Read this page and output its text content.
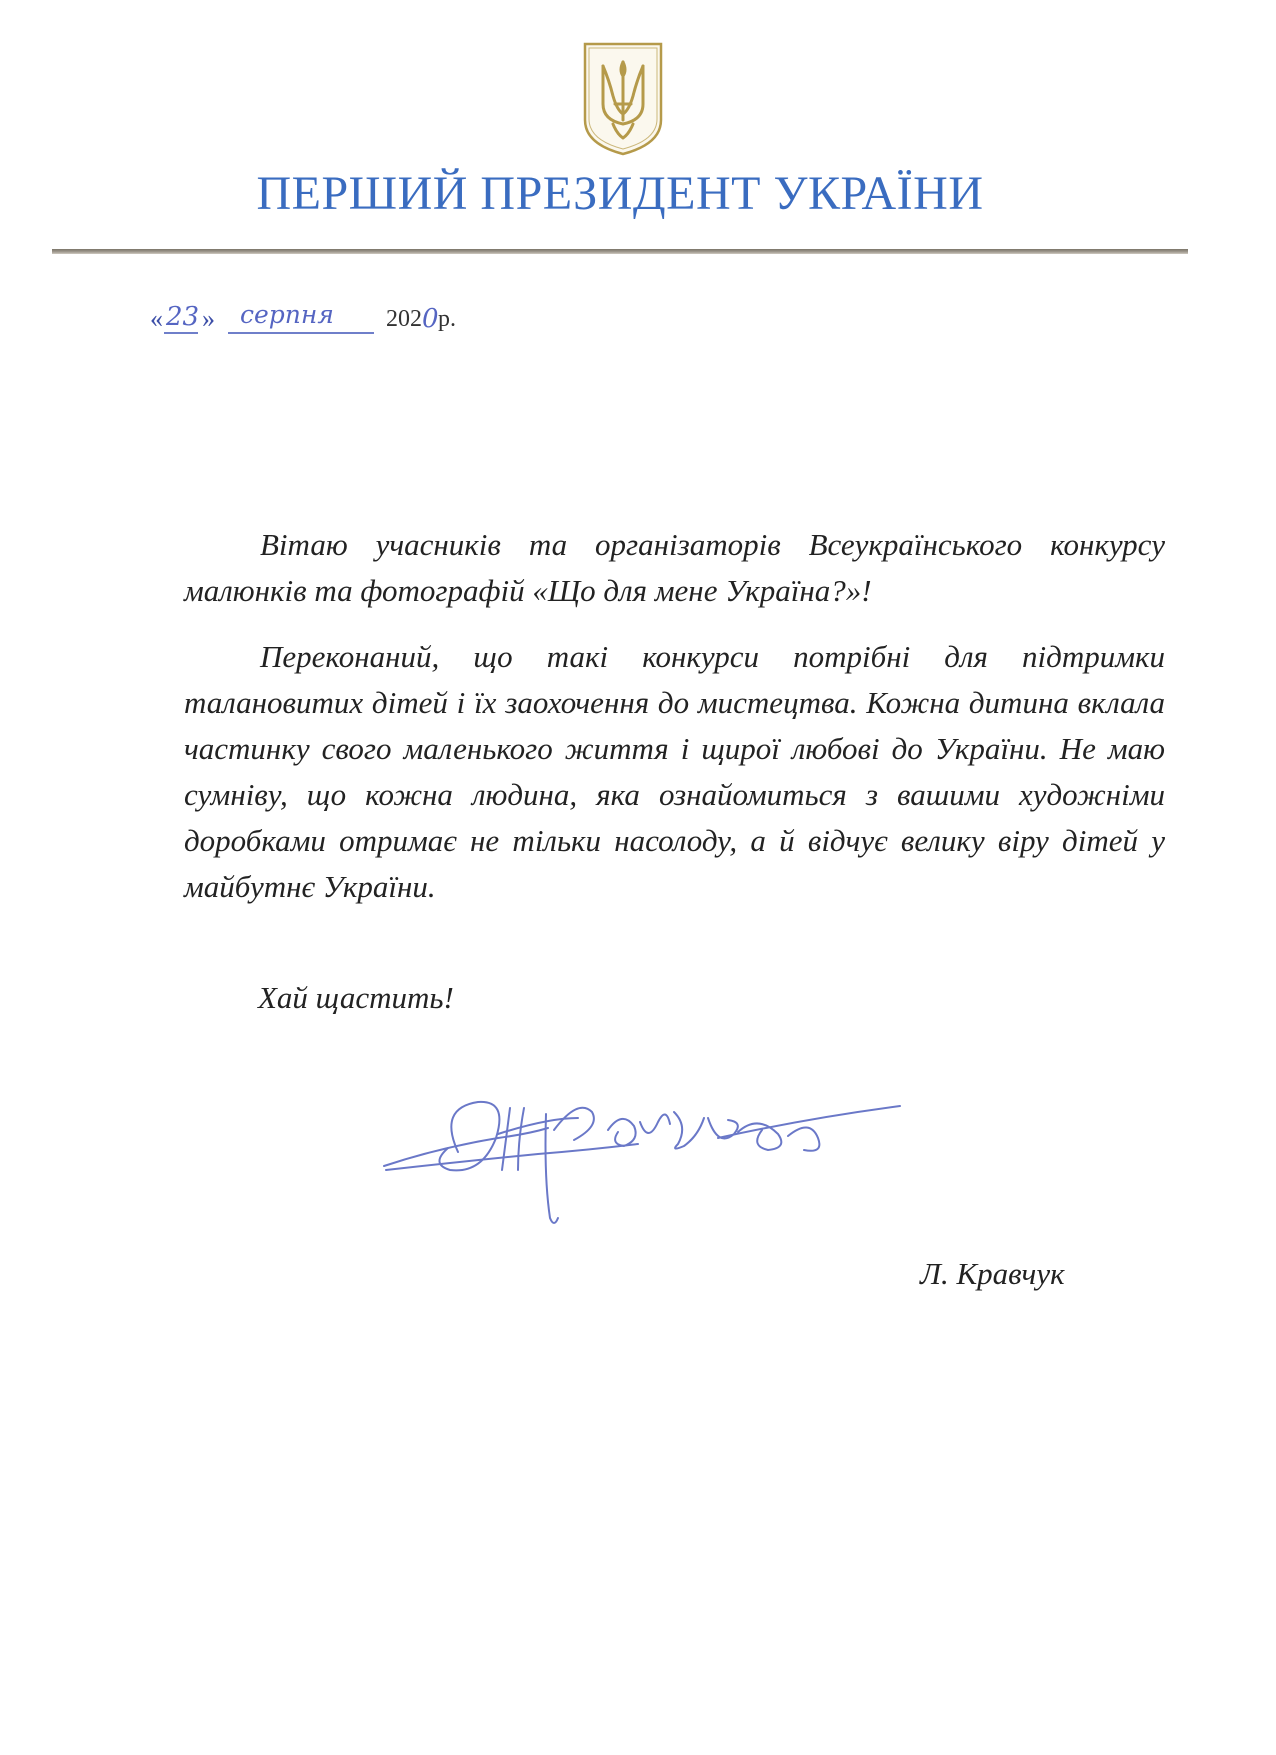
ПЕРШИЙ ПРЕЗИДЕНТ УКРАЇНИ
« 23 » серпня 202 0 р.

Вітаю учасників та організаторів Всеукраїнського конкурсу малюнків та фотографій «Що для мене Україна?»!

Переконаний, що такі конкурси потрібні для підтримки талановитих дітей і їх заохочення до мистецтва. Кожна дитина вклала частинку свого маленького життя і щирої любові до України. Не маю сумніву, що кожна людина, яка ознайомиться з вашими художніми доробками отримає не тільки насолоду, а й відчує велику віру дітей у майбутнє України.

Хай щастить!

Л. Кравчук
